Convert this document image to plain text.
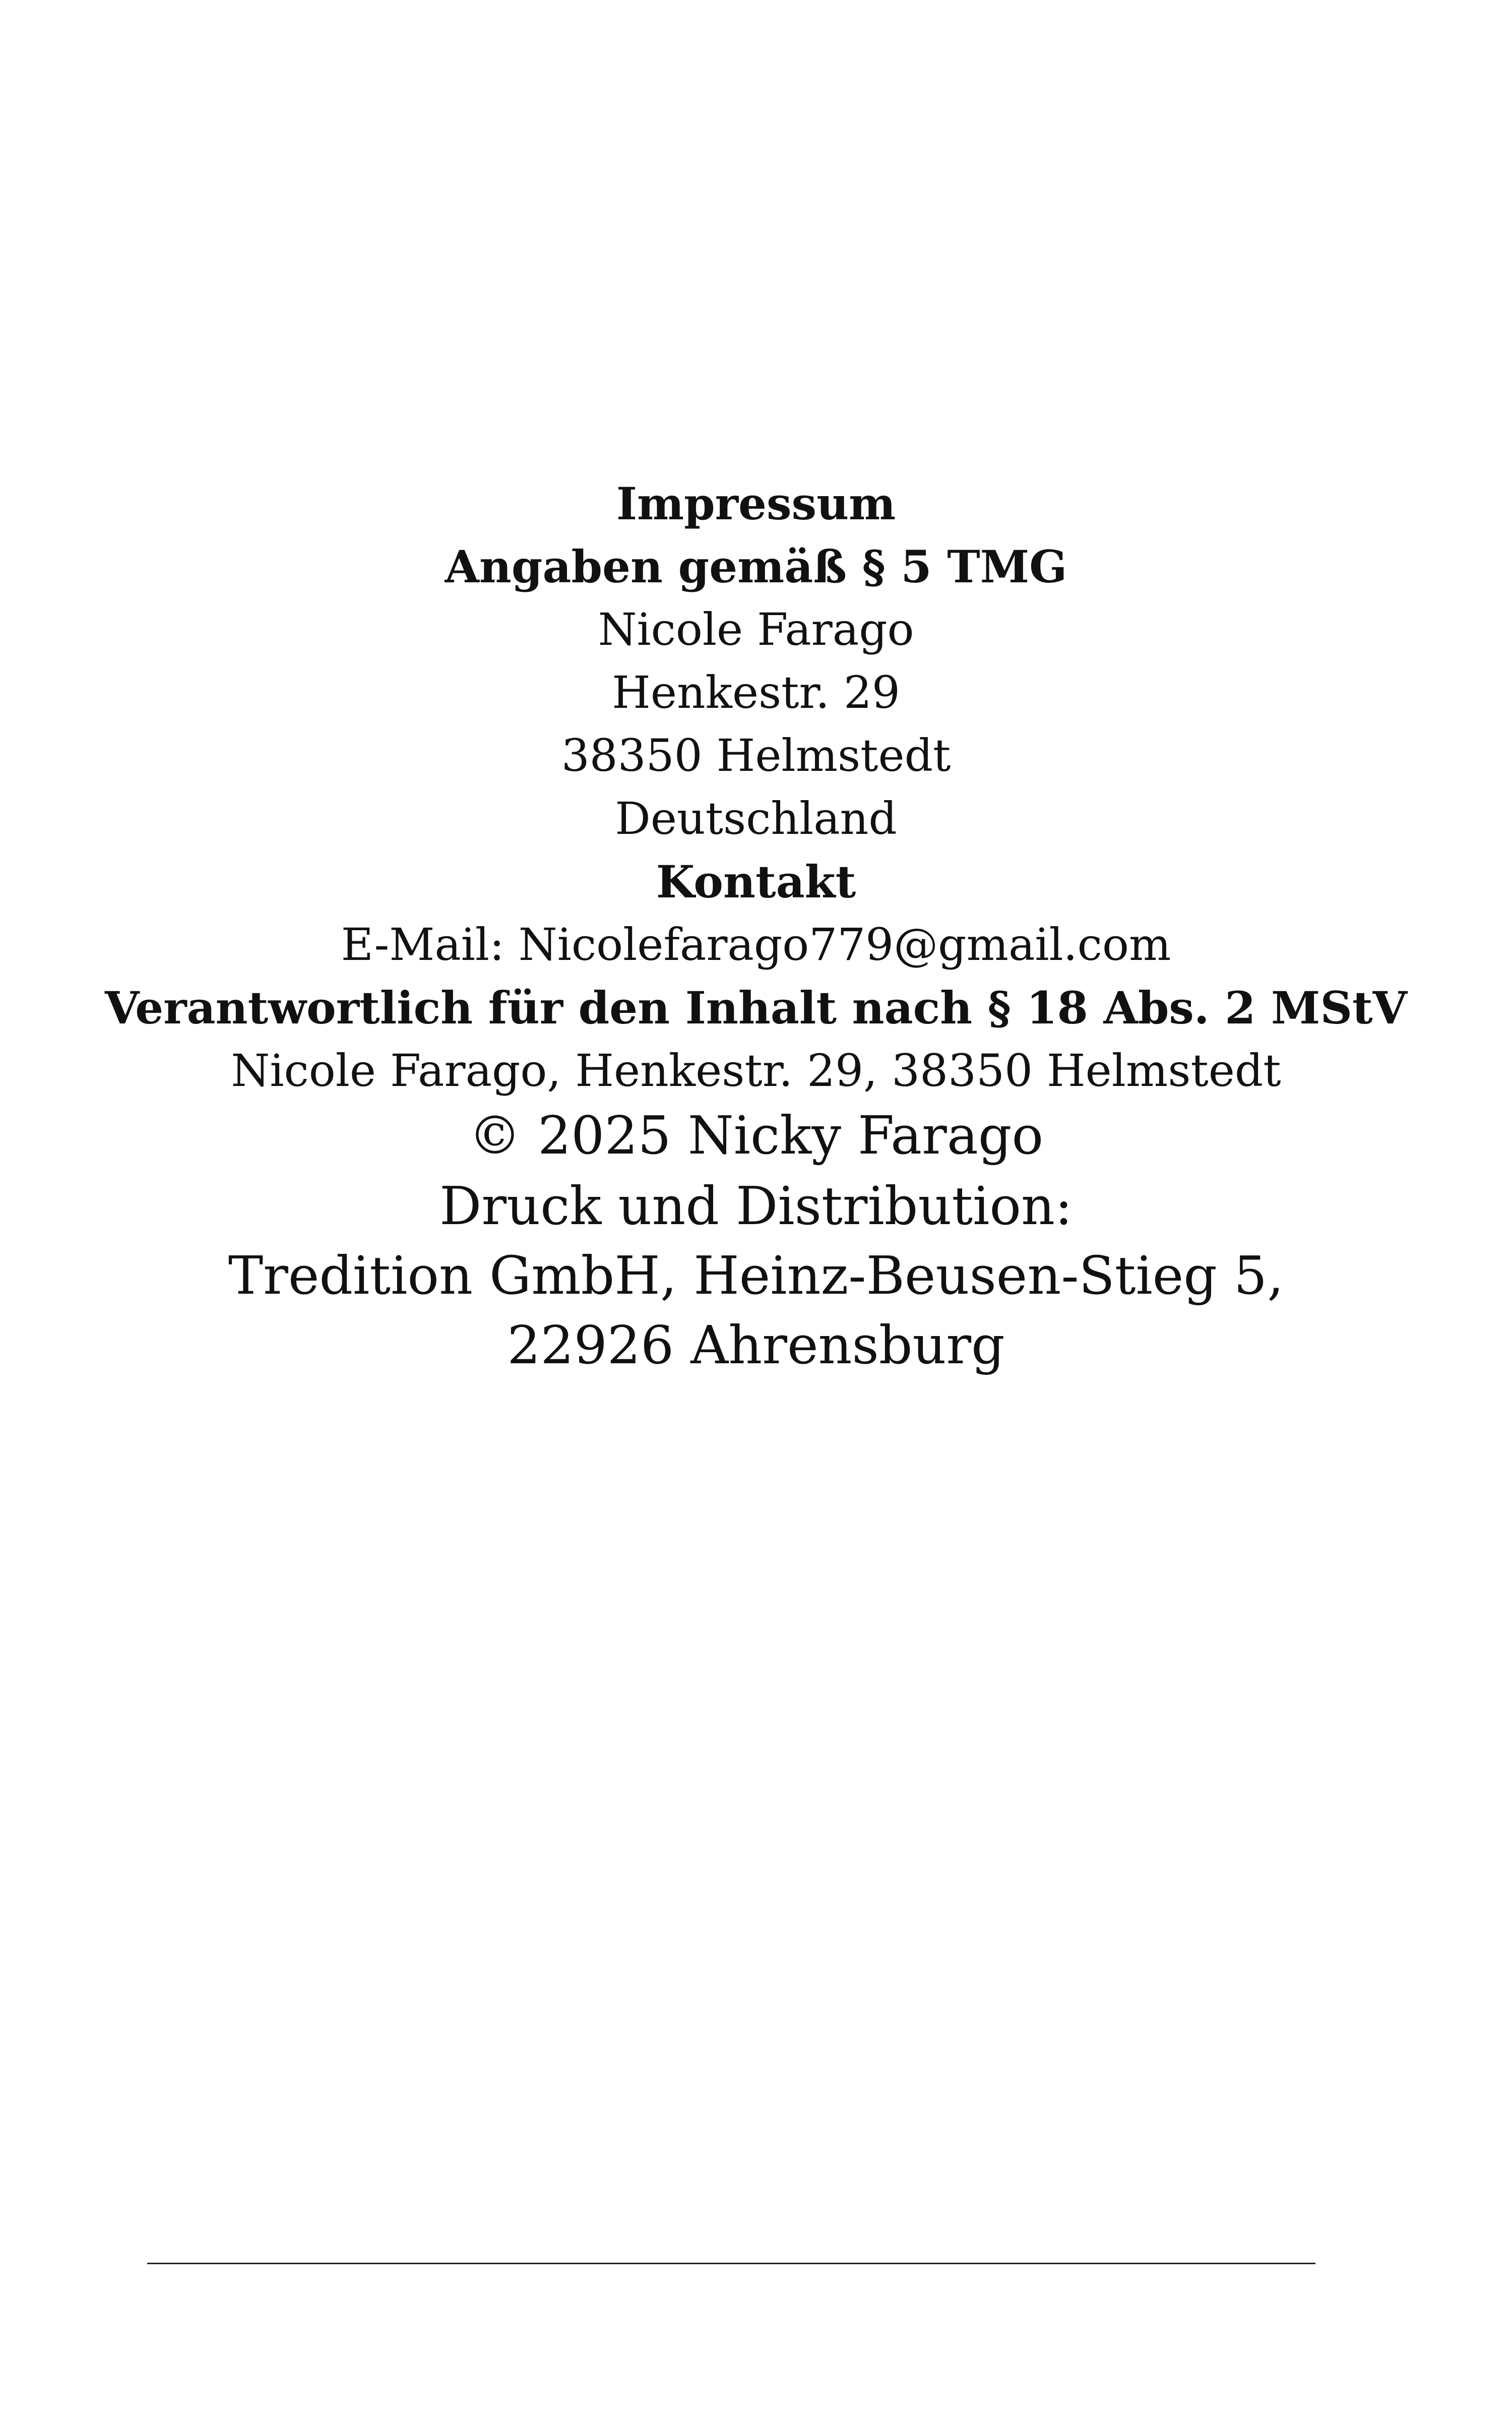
Impressum
Angaben gemäß § 5 TMG
Nicole Farago
Henkestr. 29
38350 Helmstedt
Deutschland
Kontakt
E-Mail: Nicolefarago779@gmail.com
Verantwortlich für den Inhalt nach § 18 Abs. 2 MStV
Nicole Farago, Henkestr. 29, 38350 Helmstedt
© 2025 Nicky Farago
Druck und Distribution:
Tredition GmbH, Heinz-Beusen-Stieg 5,
22926 Ahrensburg
